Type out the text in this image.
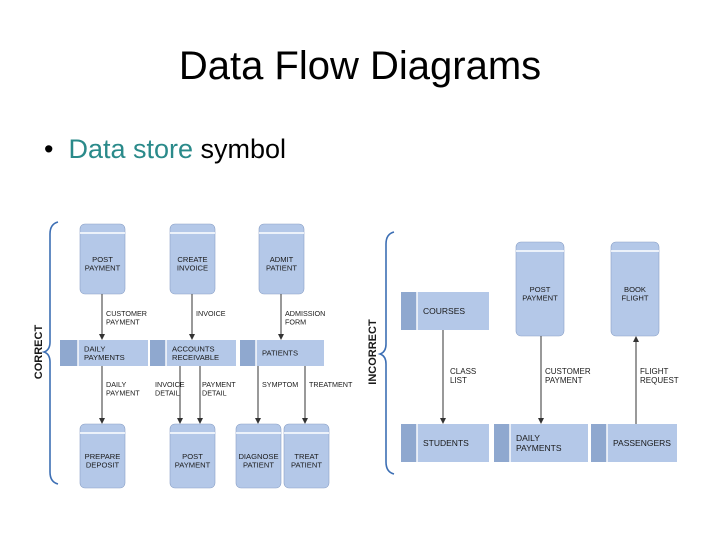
Data Flow Diagrams
• Data store symbol
CORRECT
POST
PAYMENT
CREATE
INVOICE
ADMIT
PATIENT
CUSTOMER
PAYMENT
INVOICE	ADMISSION
FORM
DAILY
PAYMENTS
ACCOUNTS
RECEIVABLE	PATIENTS
DAILY
PAYMENT
INVOICE
DETAIL
PAYMENT
DETAIL
SYMPTOM TREATMENT
PREPARE
DEPOSIT
POST
PAYMENT
DIAGNOSE
PATIENT
TREAT
PATIENT
INCORRECT
POST
PAYMENT
BOOK
FLIGHT
COURSES
CLASS
LIST
CUSTOMER
PAYMENT
FLIGHT
REQUEST
STUDENTS	DAILY
PAYMENTS	PASSENGERS
